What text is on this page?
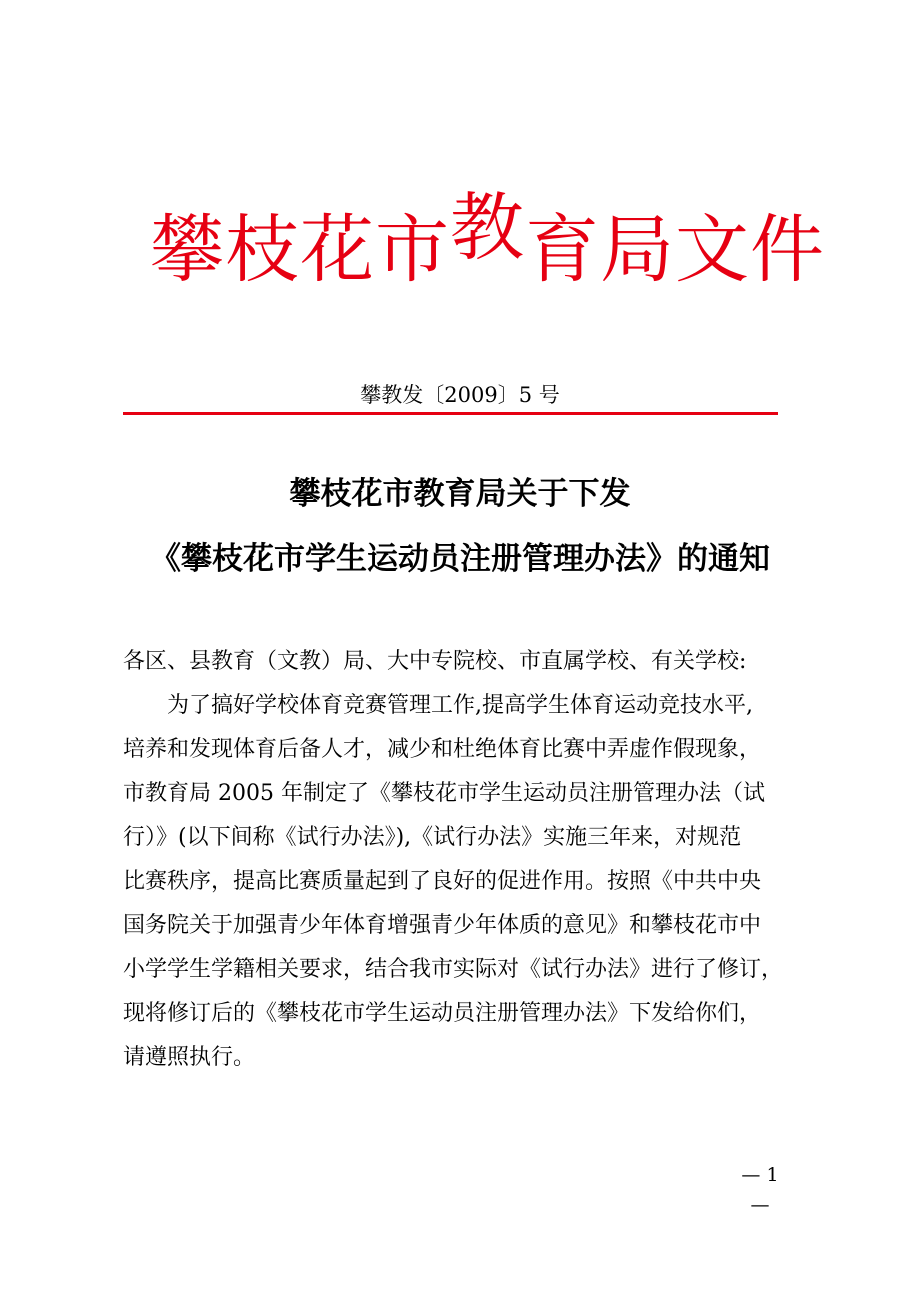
攀枝花市教育局文件
攀教发〔2009〕5 号
攀枝花市教育局关于下发
《攀枝花市学生运动员注册管理办法》的通知
各区、县教育（文教）局、大中专院校、市直属学校、有关学校:
　　为了搞好学校体育竞赛管理工作,提高学生体育运动竞技水平,
培养和发现体育后备人才，减少和杜绝体育比赛中弄虚作假现象，
市教育局 2005 年制定了《攀枝花市学生运动员注册管理办法（试
行）》(以下间称《试行办法》),《试行办法》实施三年来，对规范
比赛秩序，提高比赛质量起到了良好的促进作用。按照《中共中央
国务院关于加强青少年体育增强青少年体质的意见》和攀枝花市中
小学学生学籍相关要求，结合我市实际对《试行办法》进行了修订，
现将修订后的《攀枝花市学生运动员注册管理办法》下发给你们，
请遵照执行。
— 1 —
